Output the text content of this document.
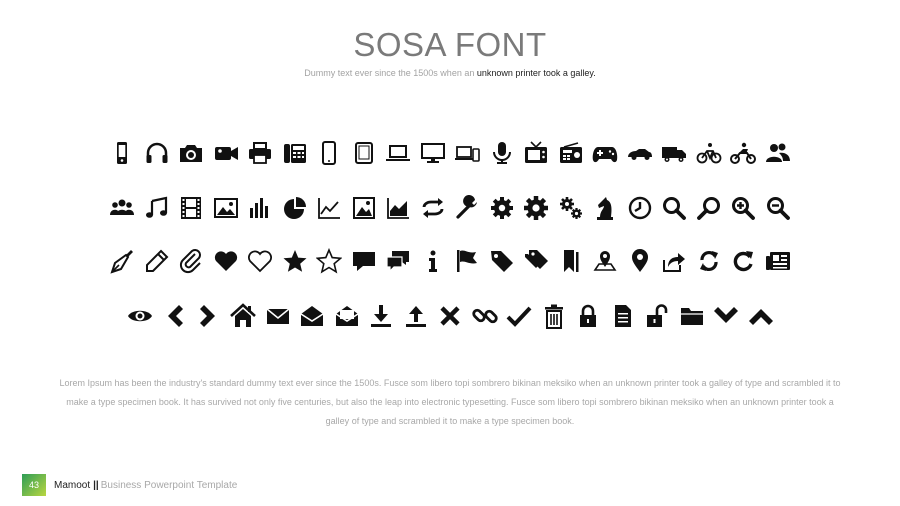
SOSA FONT
Dummy text ever since the 1500s when an unknown printer took a galley.
Lorem Ipsum has been the industry's standard dummy text ever since the 1500s. Fusce som libero topi sombrero bikinan meksiko when an unknown printer took a galley of type and scrambled it to make a type specimen book. It has survived not only five centuries, but also the leap into electronic typesetting. Fusce som libero topi sombrero bikinan meksiko when an unknown printer took a galley of type and scrambled it to make a type specimen book.
43	Mamoot || Business Powerpoint Template
